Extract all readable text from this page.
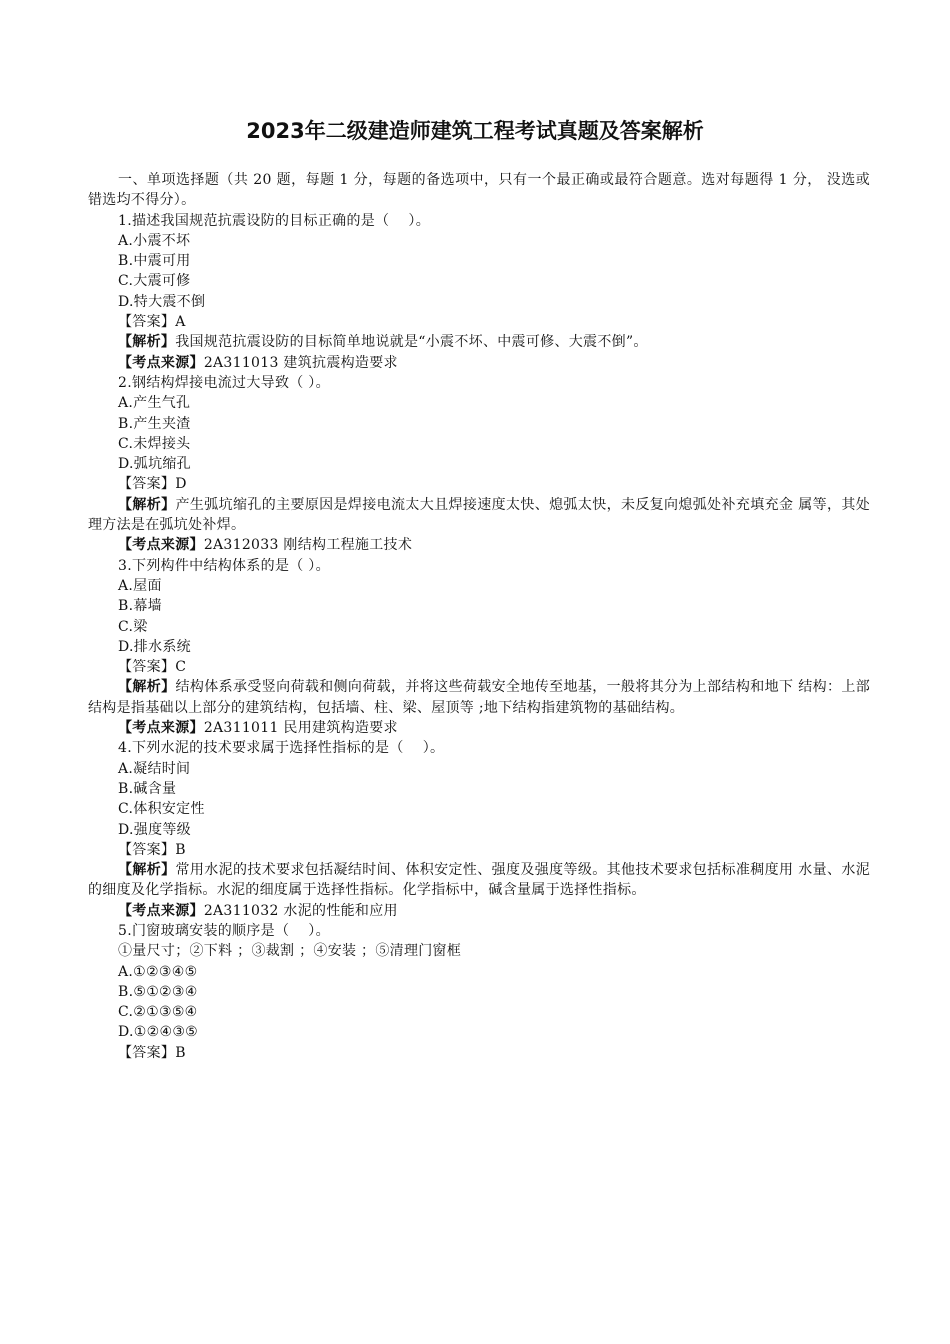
2023年二级建造师建筑工程考试真题及答案解析
一、单项选择题（共 20 题，每题 1 分，每题的备选项中，只有一个最正确或最符合题意。选对每题得 1 分， 没选或错选均不得分）。
1.描述我国规范抗震设防的目标正确的是（　 ）。
A.小震不坏
B.中震可用
C.大震可修
D.特大震不倒
【答案】A
【解析】我国规范抗震设防的目标简单地说就是“小震不坏、中震可修、大震不倒”。
【考点来源】2A311013 建筑抗震构造要求
2.钢结构焊接电流过大导致（ ）。
A.产生气孔
B.产生夹渣
C.未焊接头
D.弧坑缩孔
【答案】D
【解析】产生弧坑缩孔的主要原因是焊接电流太大且焊接速度太快、熄弧太快，未反复向熄弧处补充填充金 属等，其处理方法是在弧坑处补焊。
【考点来源】2A312033 刚结构工程施工技术
3.下列构件中结构体系的是（ ）。
A.屋面
B.幕墙
C.梁
D.排水系统
【答案】C
【解析】结构体系承受竖向荷载和侧向荷载，并将这些荷载安全地传至地基，一般将其分为上部结构和地下 结构：上部结构是指基础以上部分的建筑结构，包括墙、柱、梁、屋顶等 ;地下结构指建筑物的基础结构。
【考点来源】2A311011 民用建筑构造要求
4.下列水泥的技术要求属于选择性指标的是（　 ）。
A.凝结时间
B.碱含量
C.体积安定性
D.强度等级
【答案】B
【解析】常用水泥的技术要求包括凝结时间、体积安定性、强度及强度等级。其他技术要求包括标准稠度用 水量、水泥的细度及化学指标。水泥的细度属于选择性指标。化学指标中，碱含量属于选择性指标。
【考点来源】2A311032 水泥的性能和应用
5.门窗玻璃安装的顺序是（　 ）。
①量尺寸；②下料 ；③裁割 ；④安装 ；⑤清理门窗框
A.①②③④⑤
B.⑤①②③④
C.②①③⑤④
D.①②④③⑤
【答案】B
